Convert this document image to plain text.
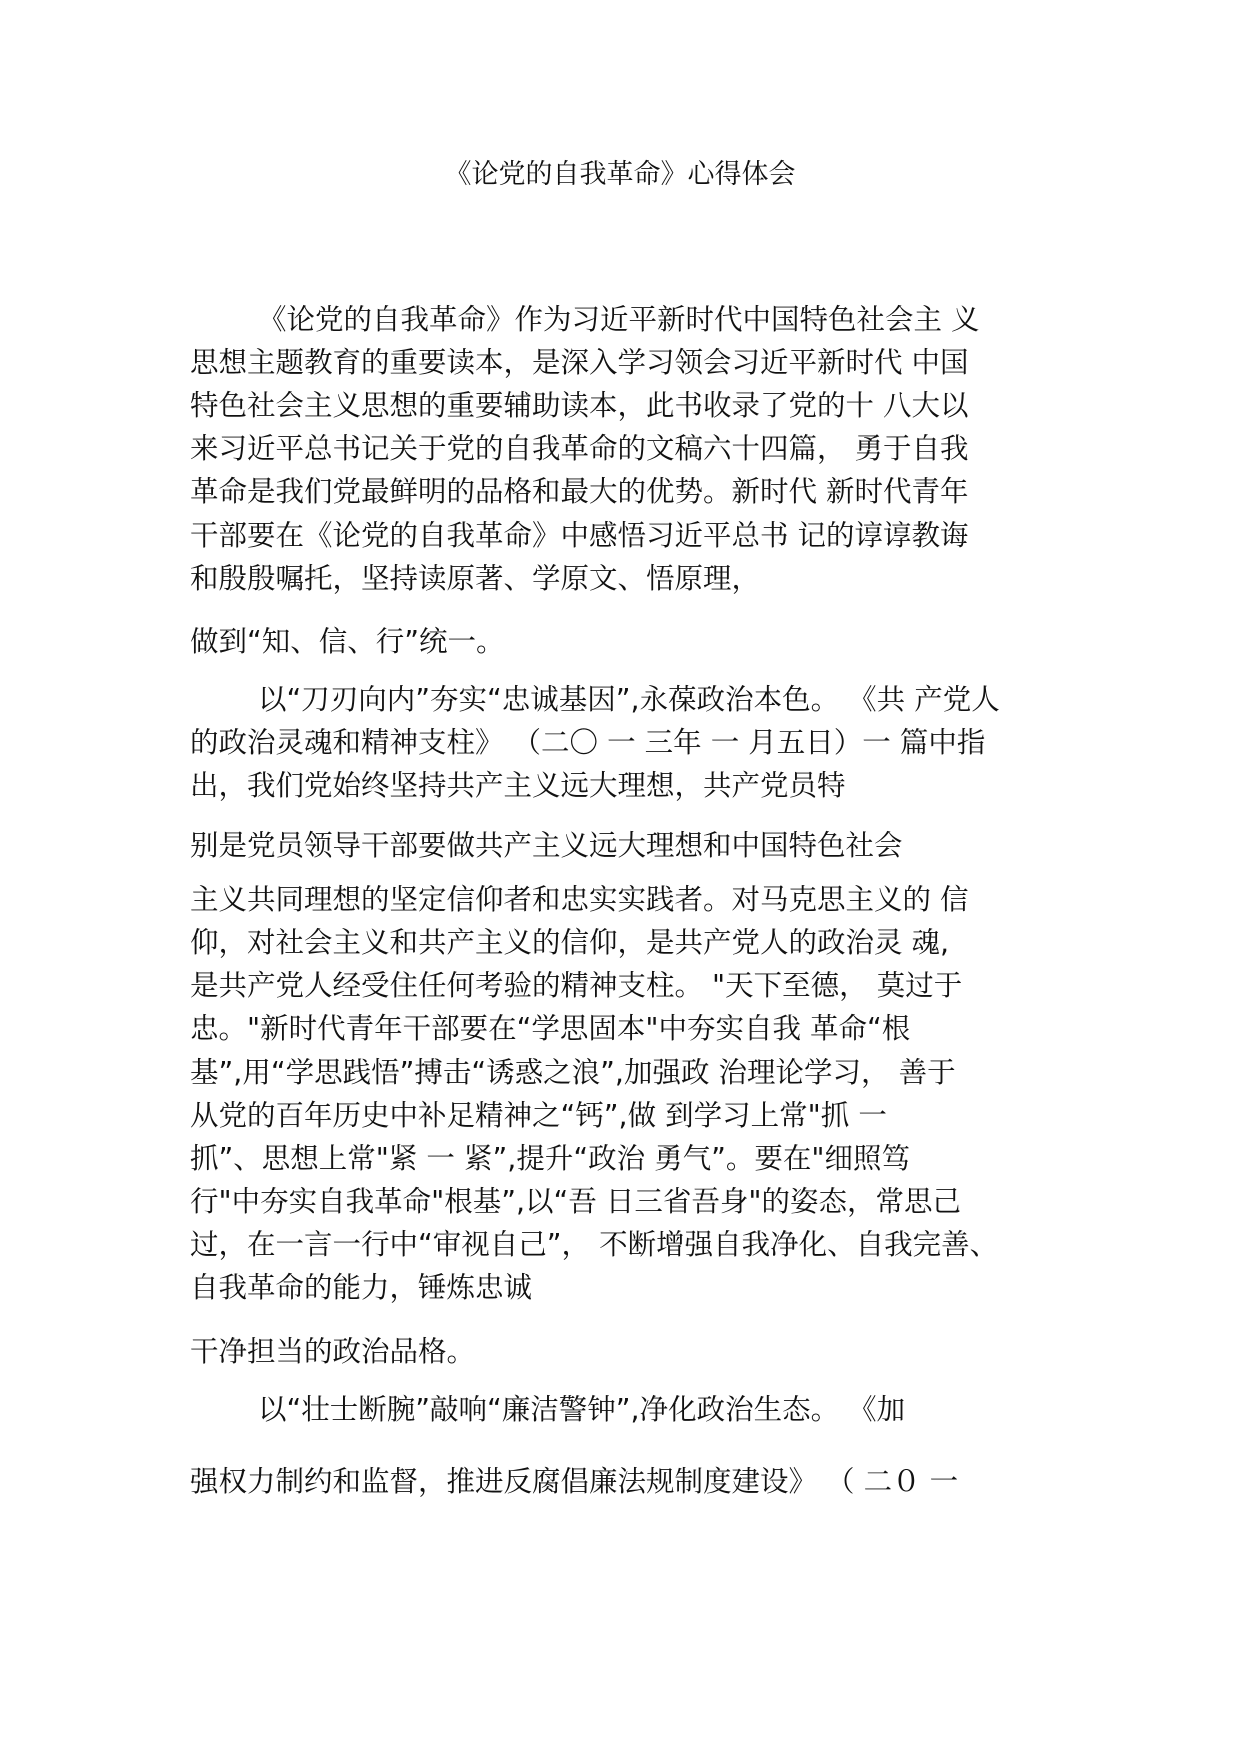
《论党的自我革命》心得体会
《论党的自我革命》作为习近平新时代中国特色社会主 义
思想主题教育的重要读本，是深入学习领会习近平新时代 中国
特色社会主义思想的重要辅助读本，此书收录了党的十 八大以
来习近平总书记关于党的自我革命的文稿六十四篇， 勇于自我
革命是我们党最鲜明的品格和最大的优势。新时代 新时代青年
干部要在《论党的自我革命》中感悟习近平总书 记的谆谆教诲
和殷殷嘱托，坚持读原著、学原文、悟原理，
做到“知、信、行”统一。
以“刀刃向内”夯实“忠诚基因”,永葆政治本色。 《共 产党人
的政治灵魂和精神支柱》 （二〇 一 三年 一 月五日）一 篇中指
出，我们党始终坚持共产主义远大理想，共产党员特
别是党员领导干部要做共产主义远大理想和中国特色社会
主义共同理想的坚定信仰者和忠实实践者。对马克思主义的 信
仰，对社会主义和共产主义的信仰，是共产党人的政治灵 魂,
是共产党人经受住任何考验的精神支柱。 "天下至德， 莫过于
忠。"新时代青年干部要在“学思固本"中夯实自我 革命“根
基”,用“学思践悟”搏击“诱惑之浪”,加强政 治理论学习， 善于
从党的百年历史中补足精神之“钙”,做 到学习上常"抓 一
抓”、思想上常"紧 一 紧”,提升“政治 勇气”。要在"细照笃
行"中夯实自我革命"根基”,以“吾 日三省吾身"的姿态，常思己
过，在一言一行中“审视自己”， 不断增强自我净化、自我完善、
自我革命的能力，锤炼忠诚
干净担当的政治品格。
以“壮士断腕”敲响“廉洁警钟”,净化政治生态。 《加
强权力制约和监督，推进反腐倡廉法规制度建设》 （ 二０ 一
